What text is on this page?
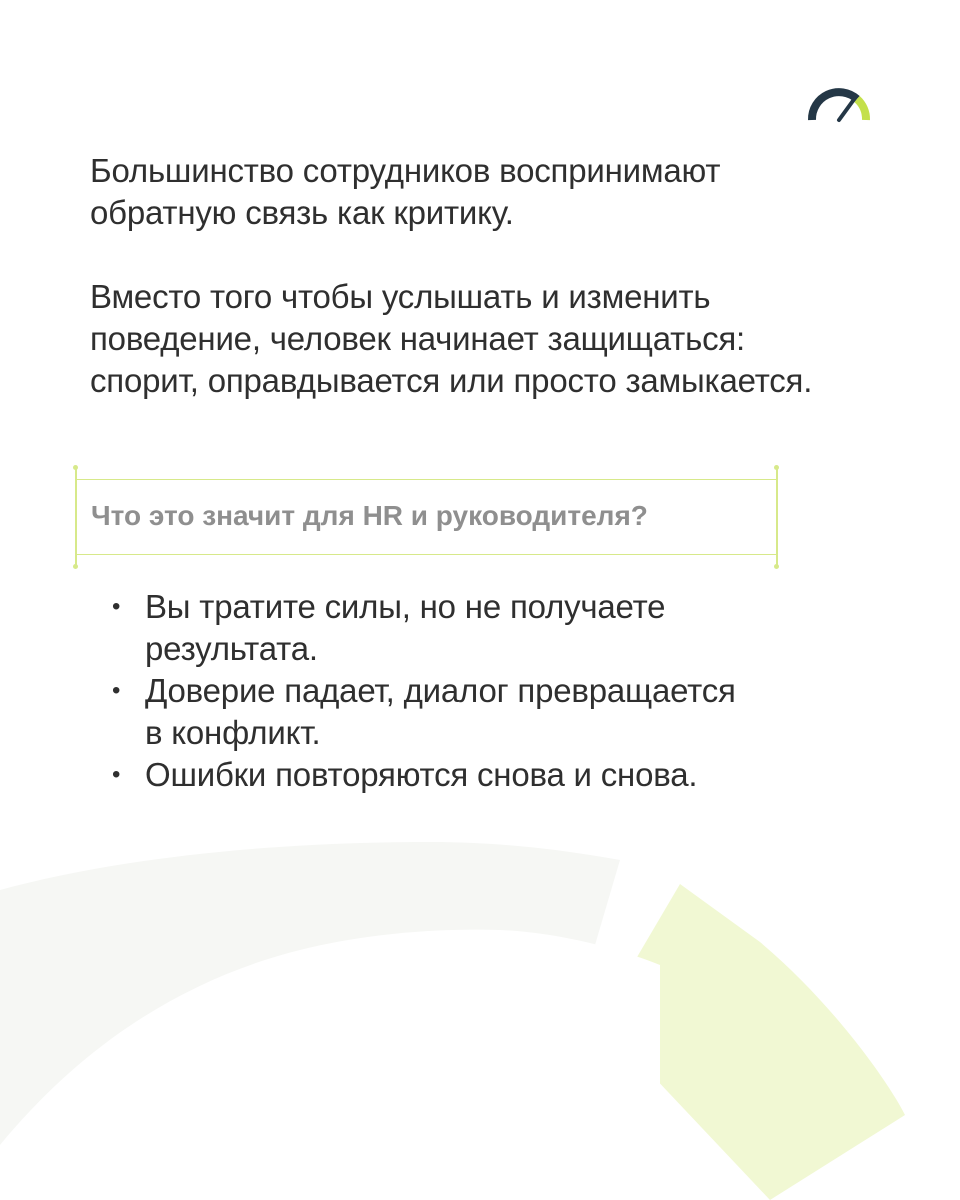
Большинство сотрудников воспринимают
обратную связь как критику.

Вместо того чтобы услышать и изменить
поведение, человек начинает защищаться:
спорит, оправдывается или просто замыкается.

Что это значит для HR и руководителя?
• Вы тратите силы, но не получаете
результата.
• Доверие падает, диалог превращается
в конфликт.
• Ошибки повторяются снова и снова.
